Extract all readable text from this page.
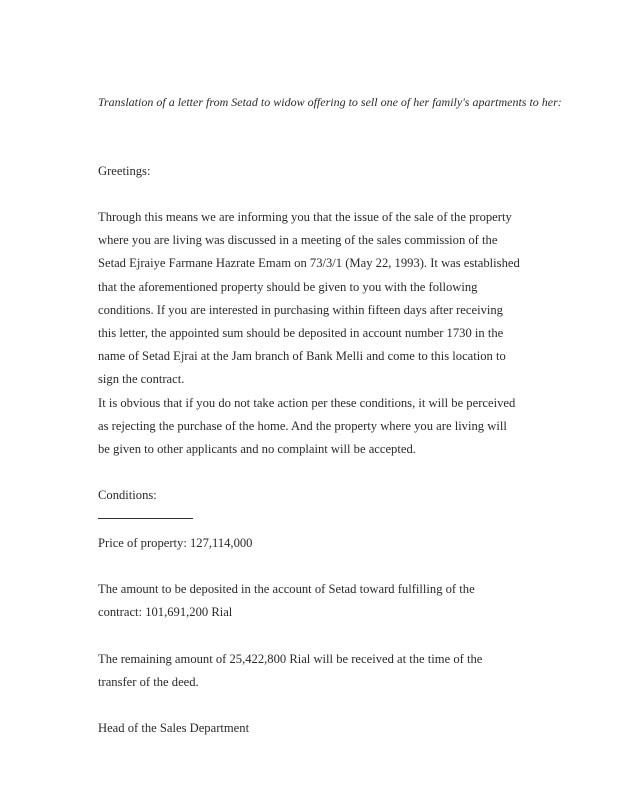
Translation of a letter from Setad to widow offering to sell one of her family's apartments to her:

Greetings:

Through this means we are informing you that the issue of the sale of the property where you are living was discussed in a meeting of the sales commission of the Setad Ejraiye Farmane Hazrate Emam on 73/3/1 (May 22, 1993). It was established that the aforementioned property should be given to you with the following conditions. If you are interested in purchasing within fifteen days after receiving this letter, the appointed sum should be deposited in account number 1730 in the name of Setad Ejrai at the Jam branch of Bank Melli and come to this location to sign the contract.

It is obvious that if you do not take action per these conditions, it will be perceived as rejecting the purchase of the home. And the property where you are living will be given to other applicants and no complaint will be accepted.

Conditions:

Price of property: 127,114,000

The amount to be deposited in the account of Setad toward fulfilling of the contract: 101,691,200 Rial

The remaining amount of 25,422,800 Rial will be received at the time of the transfer of the deed.

Head of the Sales Department
